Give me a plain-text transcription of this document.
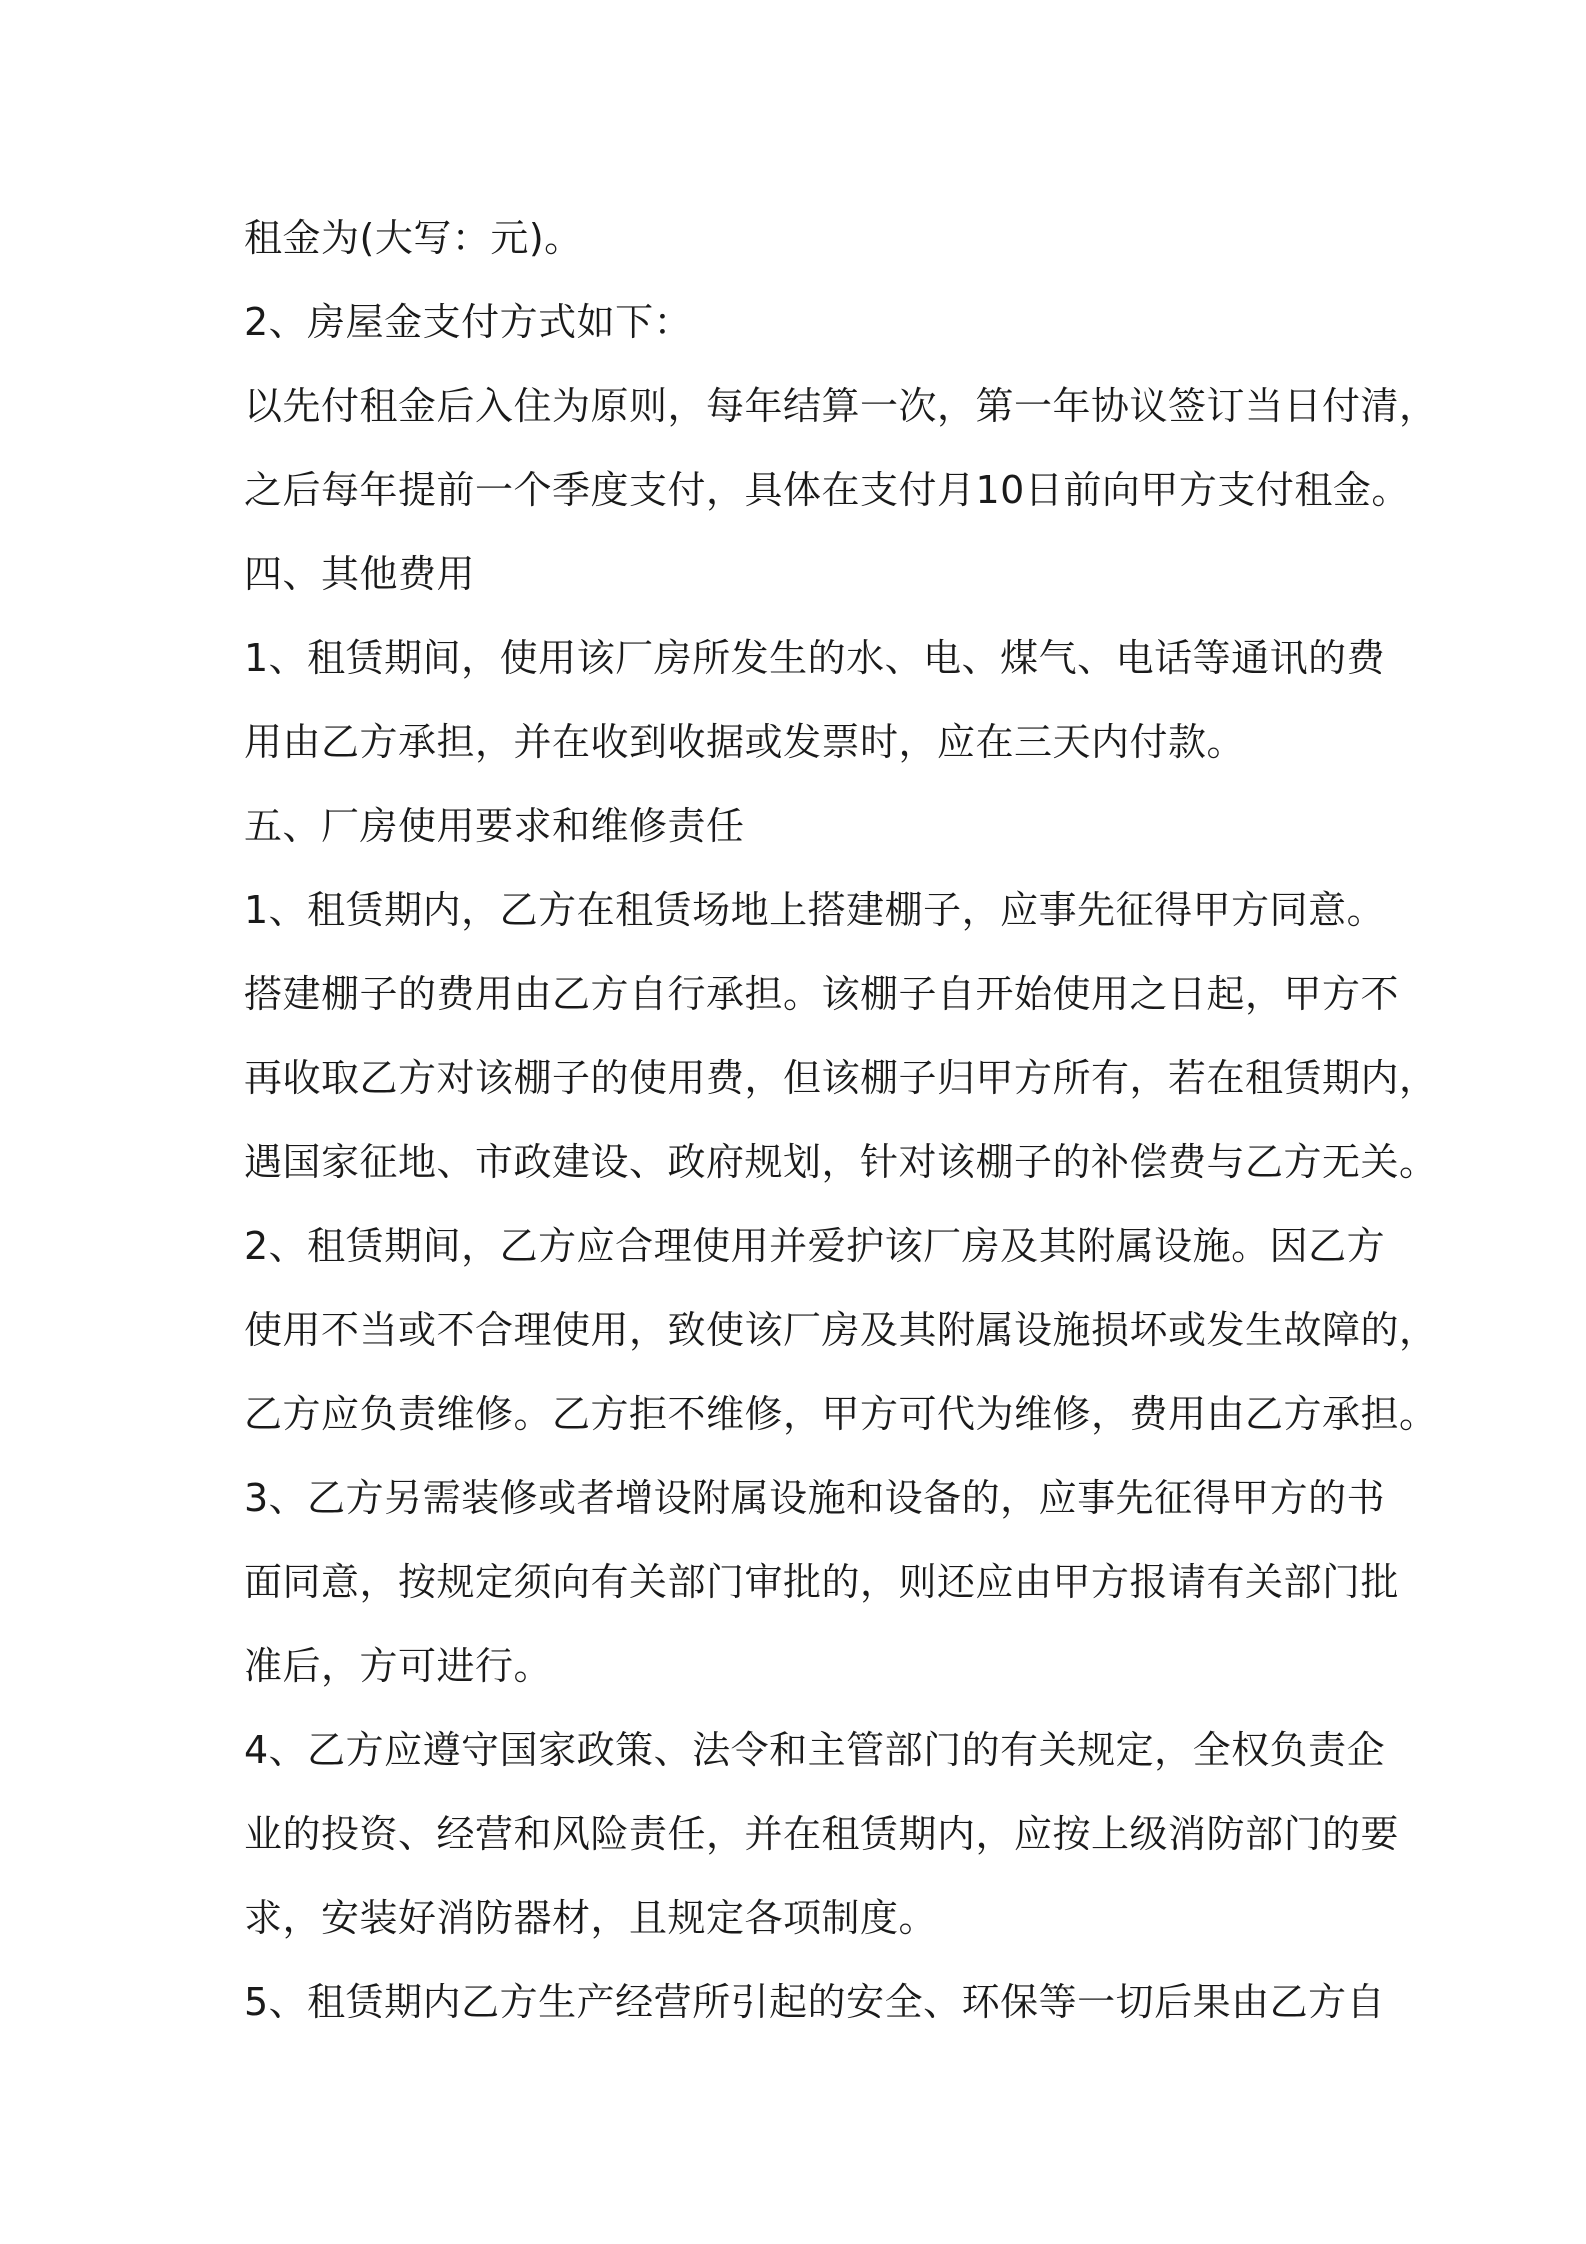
租金为(大写：元)。
2、房屋金支付方式如下：
以先付租金后入住为原则，每年结算一次，第一年协议签订当日付清，
之后每年提前一个季度支付，具体在支付月10日前向甲方支付租金。
四、其他费用
1、租赁期间，使用该厂房所发生的水、电、煤气、电话等通讯的费
用由乙方承担，并在收到收据或发票时，应在三天内付款。
五、厂房使用要求和维修责任
1、租赁期内，乙方在租赁场地上搭建棚子，应事先征得甲方同意。
搭建棚子的费用由乙方自行承担。该棚子自开始使用之日起，甲方不
再收取乙方对该棚子的使用费，但该棚子归甲方所有，若在租赁期内，
遇国家征地、市政建设、政府规划，针对该棚子的补偿费与乙方无关。
2、租赁期间，乙方应合理使用并爱护该厂房及其附属设施。因乙方
使用不当或不合理使用，致使该厂房及其附属设施损坏或发生故障的，
乙方应负责维修。乙方拒不维修，甲方可代为维修，费用由乙方承担。
3、乙方另需装修或者增设附属设施和设备的，应事先征得甲方的书
面同意，按规定须向有关部门审批的，则还应由甲方报请有关部门批
准后，方可进行。
4、乙方应遵守国家政策、法令和主管部门的有关规定，全权负责企
业的投资、经营和风险责任，并在租赁期内，应按上级消防部门的要
求，安装好消防器材，且规定各项制度。
5、租赁期内乙方生产经营所引起的安全、环保等一切后果由乙方自
